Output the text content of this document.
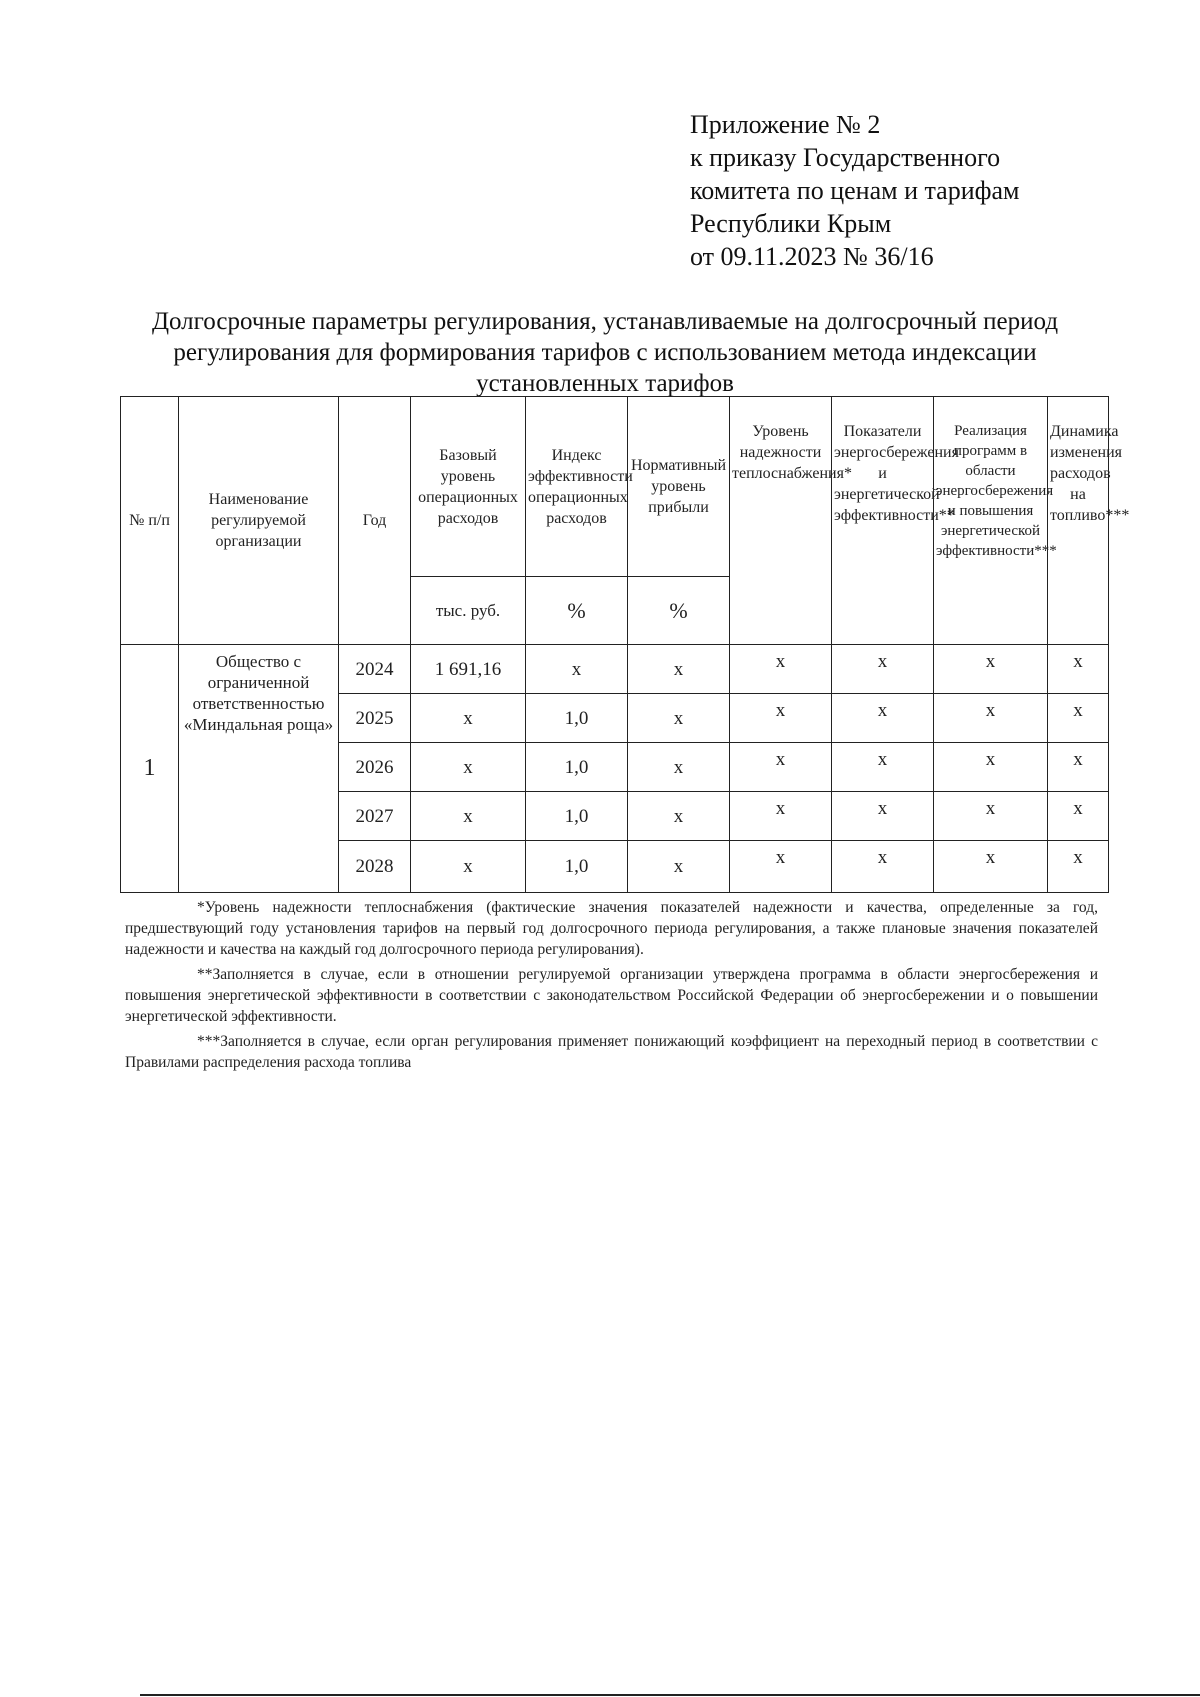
Приложение № 2
к приказу Государственного
комитета по ценам и тарифам
Республики Крым
от 09.11.2023 № 36/16
Долгосрочные параметры регулирования, устанавливаемые на долгосрочный период
регулирования для формирования тарифов с использованием метода индексации
установленных тарифов
№ п/п	Наименование регулируемой организации	Год	Базовый уровень операционных расходов	Индекс эффективности операционных расходов	Нормативный уровень прибыли	Уровень надежности теплоснабжения*	Показатели энергосбережения и энергетической эффективности**	Реализация программ в области энергосбережения и повышения энергетической эффективности***	Динамика изменения расходов на топливо***
			тыс. руб.	%	%				
1	Общество с ограниченной ответственностью «Миндальная роща»	2024	1 691,16	х	х	х	х	х	х
		2025	х	1,0	х	х	х	х	х
		2026	х	1,0	х	х	х	х	х
		2027	х	1,0	х	х	х	х	х
		2028	х	1,0	х	х	х	х	х

*Уровень надежности теплоснабжения (фактические значения показателей надежности и качества, определенные за год, предшествующий году установления тарифов на первый год долгосрочного периода регулирования, а также плановые значения показателей надежности и качества на каждый год долгосрочного периода регулирования).

**Заполняется в случае, если в отношении регулируемой организации утверждена программа в области энергосбережения и повышения энергетической эффективности в соответствии с законодательством Российской Федерации об энергосбережении и о повышении энергетической эффективности.

***Заполняется в случае, если орган регулирования применяет понижающий коэффициент на переходный период в соответствии с Правилами распределения расхода топлива
